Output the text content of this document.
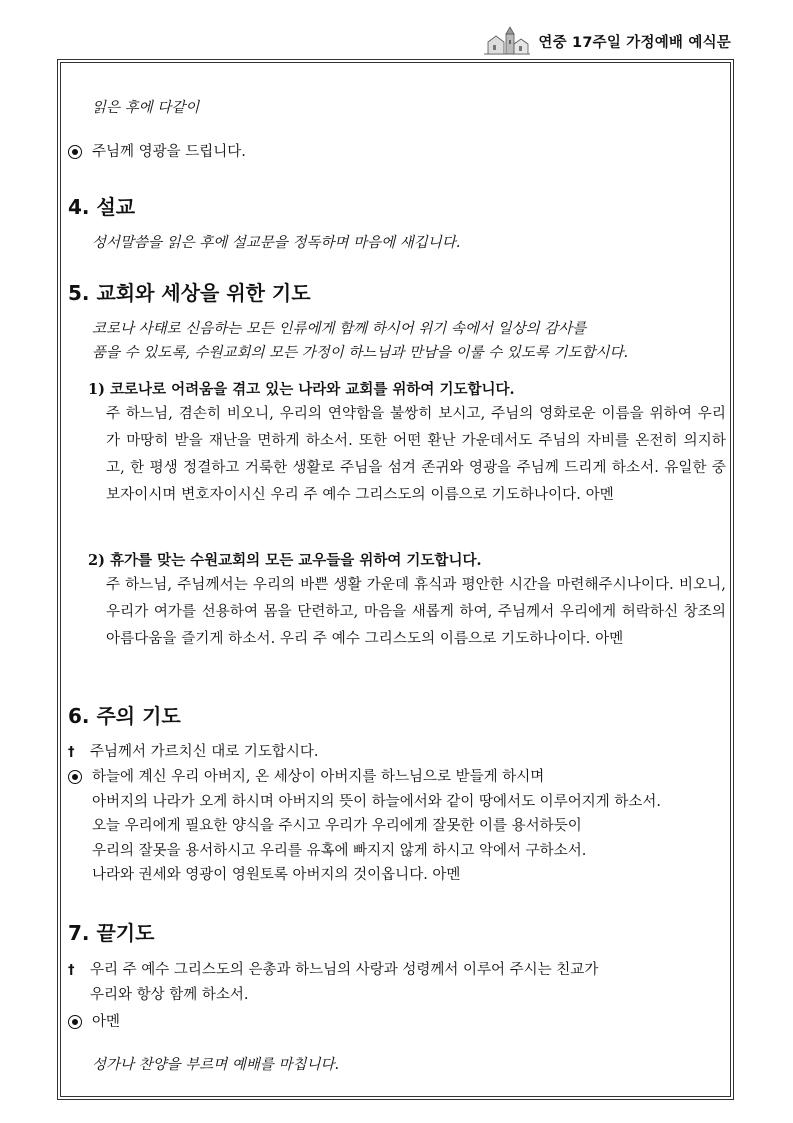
연중 17주일 가정예배 예식문
읽은 후에 다같이
주님께 영광을 드립니다.
4. 설교
성서말씀을 읽은 후에 설교문을 정독하며 마음에 새깁니다.
5. 교회와 세상을 위한 기도
코로나 사태로 신음하는 모든 인류에게 함께 하시어 위기 속에서 일상의 감사를
품을 수 있도록, 수원교회의 모든 가정이 하느님과 만남을 이룰 수 있도록 기도합시다.
1) 코로나로 어려움을 겪고 있는 나라와 교회를 위하여 기도합니다.
주 하느님, 겸손히 비오니, 우리의 연약함을 불쌍히 보시고, 주님의 영화로운 이름을 위하여 우리가 마땅히 받을 재난을 면하게 하소서. 또한 어떤 환난 가운데서도 주님의 자비를 온전히 의지하고, 한 평생 정결하고 거룩한 생활로 주님을 섬겨 존귀와 영광을 주님께 드리게 하소서. 유일한 중보자이시며 변호자이시신 우리 주 예수 그리스도의 이름으로 기도하나이다. 아멘
2) 휴가를 맞는 수원교회의 모든 교우들을 위하여 기도합니다.
주 하느님, 주님께서는 우리의 바쁜 생활 가운데 휴식과 평안한 시간을 마련해주시나이다. 비오니, 우리가 여가를 선용하여 몸을 단련하고, 마음을 새롭게 하여, 주님께서 우리에게 허락하신 창조의 아름다움을 즐기게 하소서. 우리 주 예수 그리스도의 이름으로 기도하나이다. 아멘
6. 주의 기도
†	주님께서 가르치신 대로 기도합시다.
하늘에 계신 우리 아버지, 온 세상이 아버지를 하느님으로 받들게 하시며
아버지의 나라가 오게 하시며 아버지의 뜻이 하늘에서와 같이 땅에서도 이루어지게 하소서.
오늘 우리에게 필요한 양식을 주시고 우리가 우리에게 잘못한 이를 용서하듯이
우리의 잘못을 용서하시고 우리를 유혹에 빠지지 않게 하시고 악에서 구하소서.
나라와 권세와 영광이 영원토록 아버지의 것이옵니다. 아멘
7. 끝기도
†	우리 주 예수 그리스도의 은총과 하느님의 사랑과 성령께서 이루어 주시는 친교가
우리와 항상 함께 하소서.
아멘
성가나 찬양을 부르며 예배를 마칩니다.
